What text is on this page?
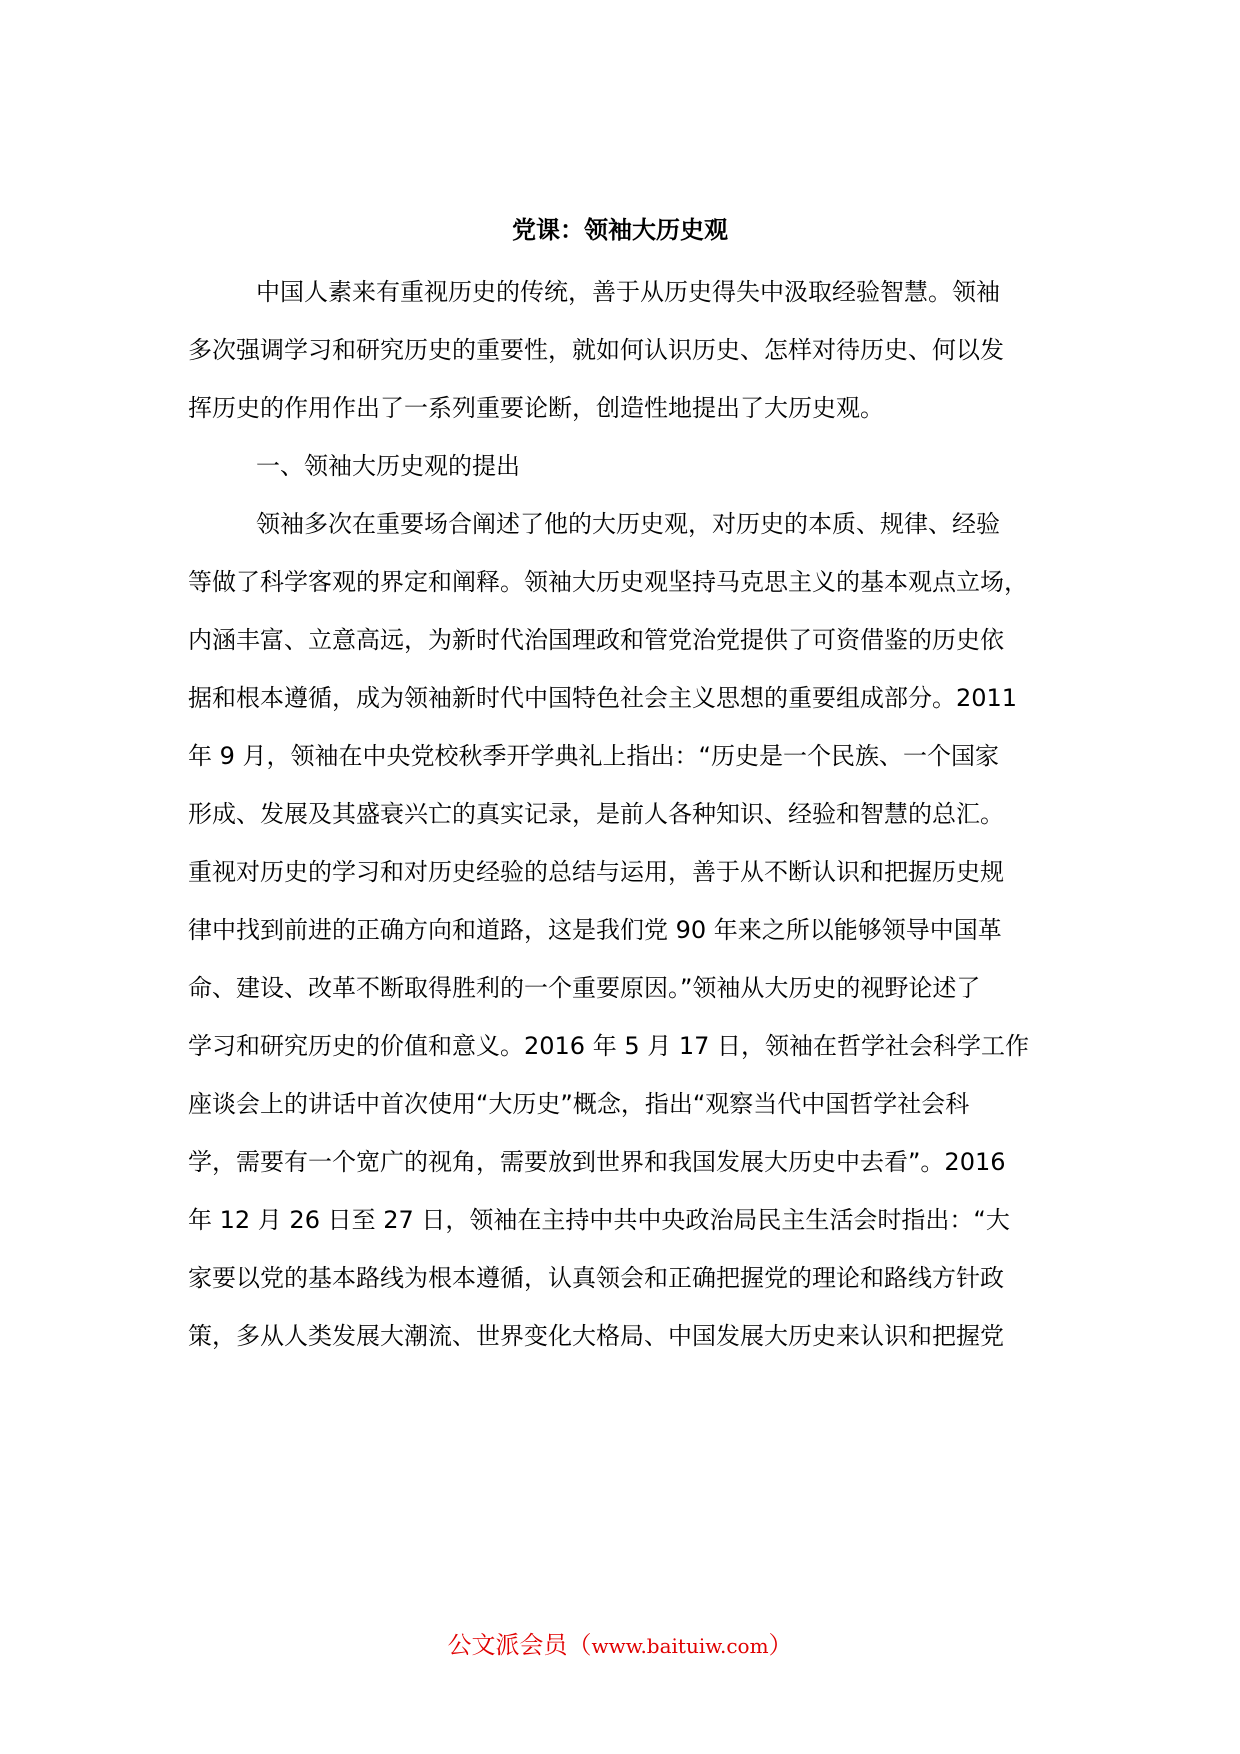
党课：领袖大历史观
中国人素来有重视历史的传统，善于从历史得失中汲取经验智慧。领袖
多次强调学习和研究历史的重要性，就如何认识历史、怎样对待历史、何以发
挥历史的作用作出了一系列重要论断，创造性地提出了大历史观。
一、领袖大历史观的提出
领袖多次在重要场合阐述了他的大历史观，对历史的本质、规律、经验
等做了科学客观的界定和阐释。领袖大历史观坚持马克思主义的基本观点立场，
内涵丰富、立意高远，为新时代治国理政和管党治党提供了可资借鉴的历史依
据和根本遵循，成为领袖新时代中国特色社会主义思想的重要组成部分。2011
年 9 月，领袖在中央党校秋季开学典礼上指出：“历史是一个民族、一个国家
形成、发展及其盛衰兴亡的真实记录，是前人各种知识、经验和智慧的总汇。
重视对历史的学习和对历史经验的总结与运用，善于从不断认识和把握历史规
律中找到前进的正确方向和道路，这是我们党 90 年来之所以能够领导中国革
命、建设、改革不断取得胜利的一个重要原因。”领袖从大历史的视野论述了
学习和研究历史的价值和意义。2016 年 5 月 17 日，领袖在哲学社会科学工作
座谈会上的讲话中首次使用“大历史”概念，指出“观察当代中国哲学社会科
学，需要有一个宽广的视角，需要放到世界和我国发展大历史中去看”。2016
年 12 月 26 日至 27 日，领袖在主持中共中央政治局民主生活会时指出：“大
家要以党的基本路线为根本遵循，认真领会和正确把握党的理论和路线方针政
策，多从人类发展大潮流、世界变化大格局、中国发展大历史来认识和把握党
公文派会员（www.baituiw.com）
